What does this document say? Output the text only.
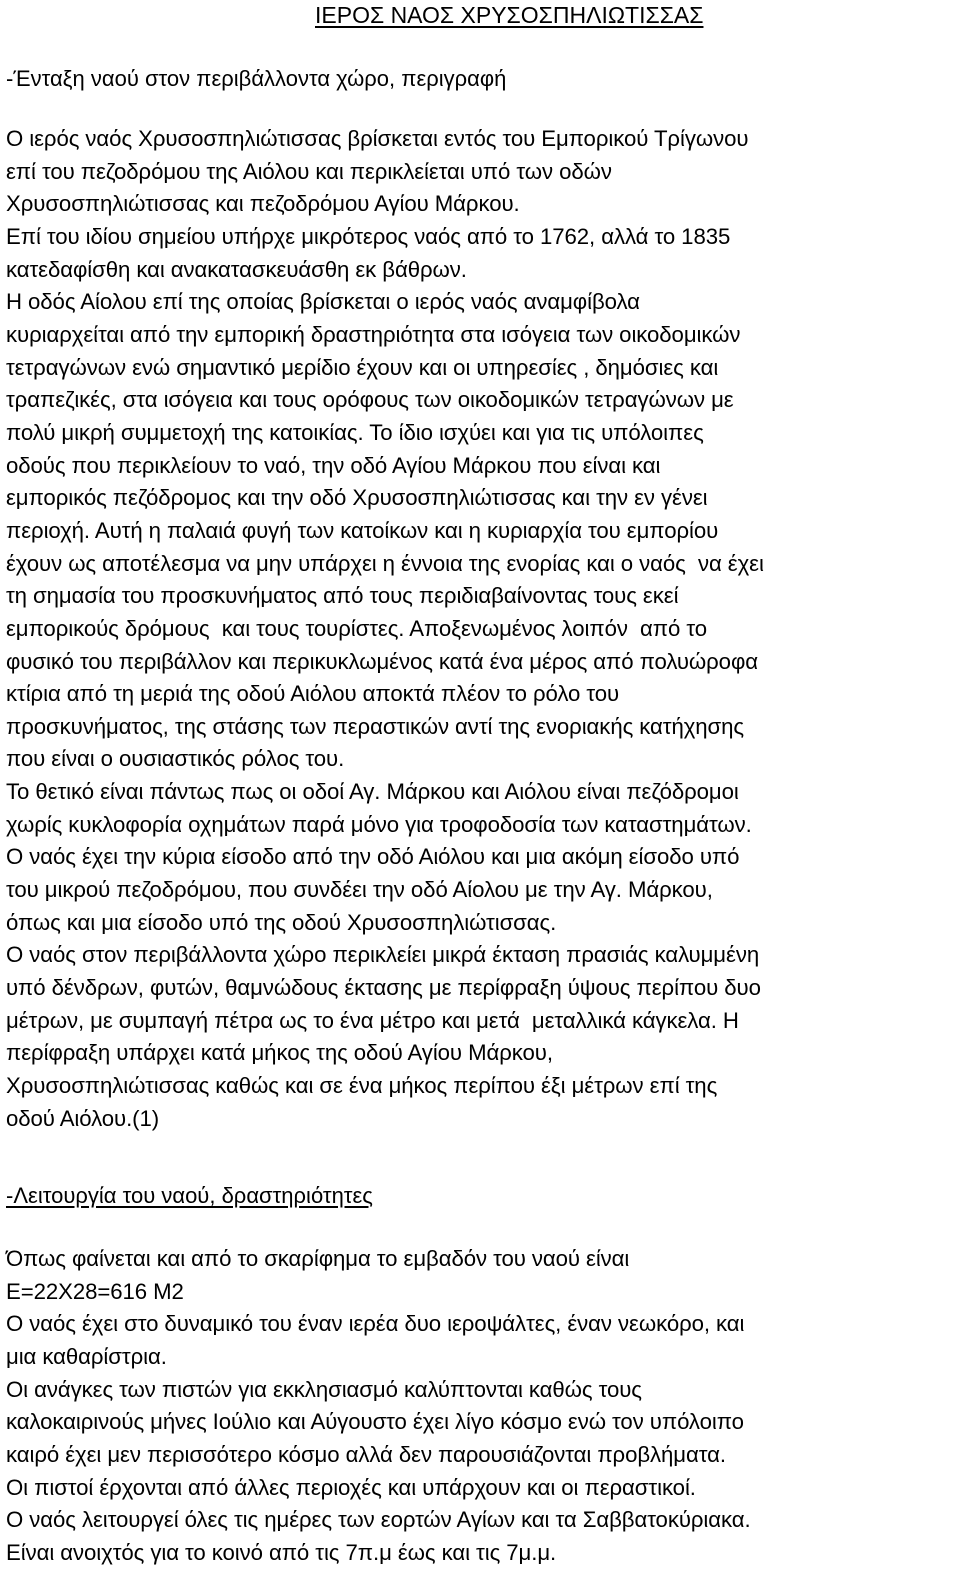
ΙΕΡΟΣ ΝΑΟΣ ΧΡΥΣΟΣΠΗΛΙΩΤΙΣΣΑΣ
-Ένταξη ναού στον περιβάλλοντα χώρο, περιγραφή
Ο ιερός ναός Χρυσοσπηλιώτισσας βρίσκεται εντός του Εμπορικού Τρίγωνου
επί του πεζοδρόμου της Αιόλου και περικλείεται υπό των οδών
Χρυσοσπηλιώτισσας και πεζοδρόμου Αγίου Μάρκου.
Επί του ιδίου σημείου υπήρχε μικρότερος ναός από το 1762, αλλά το 1835
κατεδαφίσθη και ανακατασκευάσθη εκ βάθρων.
Η οδός Αίολου επί της οποίας βρίσκεται ο ιερός ναός αναμφίβολα
κυριαρχείται από την εμπορική δραστηριότητα στα ισόγεια των οικοδομικών
τετραγώνων ενώ σημαντικό μερίδιο έχουν και οι υπηρεσίες , δημόσιες και
τραπεζικές, στα ισόγεια και τους ορόφους των οικοδομικών τετραγώνων με
πολύ μικρή συμμετοχή της κατοικίας. Το ίδιο ισχύει και για τις υπόλοιπες
οδούς που περικλείουν το ναό, την οδό Αγίου Μάρκου που είναι και
εμπορικός πεζόδρομος και την οδό Χρυσοσπηλιώτισσας και την εν γένει
περιοχή. Αυτή η παλαιά φυγή των κατοίκων και η κυριαρχία του εμπορίου
έχουν ως αποτέλεσμα να μην υπάρχει η έννοια της ενορίας και ο ναός  να έχει
τη σημασία του προσκυνήματος από τους περιδιαβαίνοντας τους εκεί
εμπορικούς δρόμους  και τους τουρίστες. Αποξενωμένος λοιπόν  από το
φυσικό του περιβάλλον και περικυκλωμένος κατά ένα μέρος από πολυώροφα
κτίρια από τη μεριά της οδού Αιόλου αποκτά πλέον το ρόλο του
προσκυνήματος, της στάσης των περαστικών αντί της ενοριακής κατήχησης
που είναι ο ουσιαστικός ρόλος του.
Το θετικό είναι πάντως πως οι οδοί Αγ. Μάρκου και Αιόλου είναι πεζόδρομοι
χωρίς κυκλοφορία οχημάτων παρά μόνο για τροφοδοσία των καταστημάτων.
Ο ναός έχει την κύρια είσοδο από την οδό Αιόλου και μια ακόμη είσοδο υπό
του μικρού πεζοδρόμου, που συνδέει την οδό Αίολου με την Αγ. Μάρκου,
όπως και μια είσοδο υπό της οδού Χρυσοσπηλιώτισσας.
Ο ναός στον περιβάλλοντα χώρο περικλείει μικρά έκταση πρασιάς καλυμμένη
υπό δένδρων, φυτών, θαμνώδους έκτασης με περίφραξη ύψους περίπου δυο
μέτρων, με συμπαγή πέτρα ως το ένα μέτρο και μετά  μεταλλικά κάγκελα. Η
περίφραξη υπάρχει κατά μήκος της οδού Αγίου Μάρκου,
Χρυσοσπηλιώτισσας καθώς και σε ένα μήκος περίπου έξι μέτρων επί της
οδού Αιόλου.(1)
-Λειτουργία του ναού, δραστηριότητες
Όπως φαίνεται και από το σκαρίφημα το εμβαδόν του ναού είναι
Ε=22Χ28=616 Μ2
Ο ναός έχει στο δυναμικό του έναν ιερέα δυο ιεροψάλτες, έναν νεωκόρο, και
μια καθαρίστρια.
Οι ανάγκες των πιστών για εκκλησιασμό καλύπτονται καθώς τους
καλοκαιρινούς μήνες Ιούλιο και Αύγουστο έχει λίγο κόσμο ενώ τον υπόλοιπο
καιρό έχει μεν περισσότερο κόσμο αλλά δεν παρουσιάζονται προβλήματα.
Οι πιστοί έρχονται από άλλες περιοχές και υπάρχουν και οι περαστικοί.
Ο ναός λειτουργεί όλες τις ημέρες των εορτών Αγίων και τα Σαββατοκύριακα.
Είναι ανοιχτός για το κοινό από τις 7π.μ έως και τις 7μ.μ.
